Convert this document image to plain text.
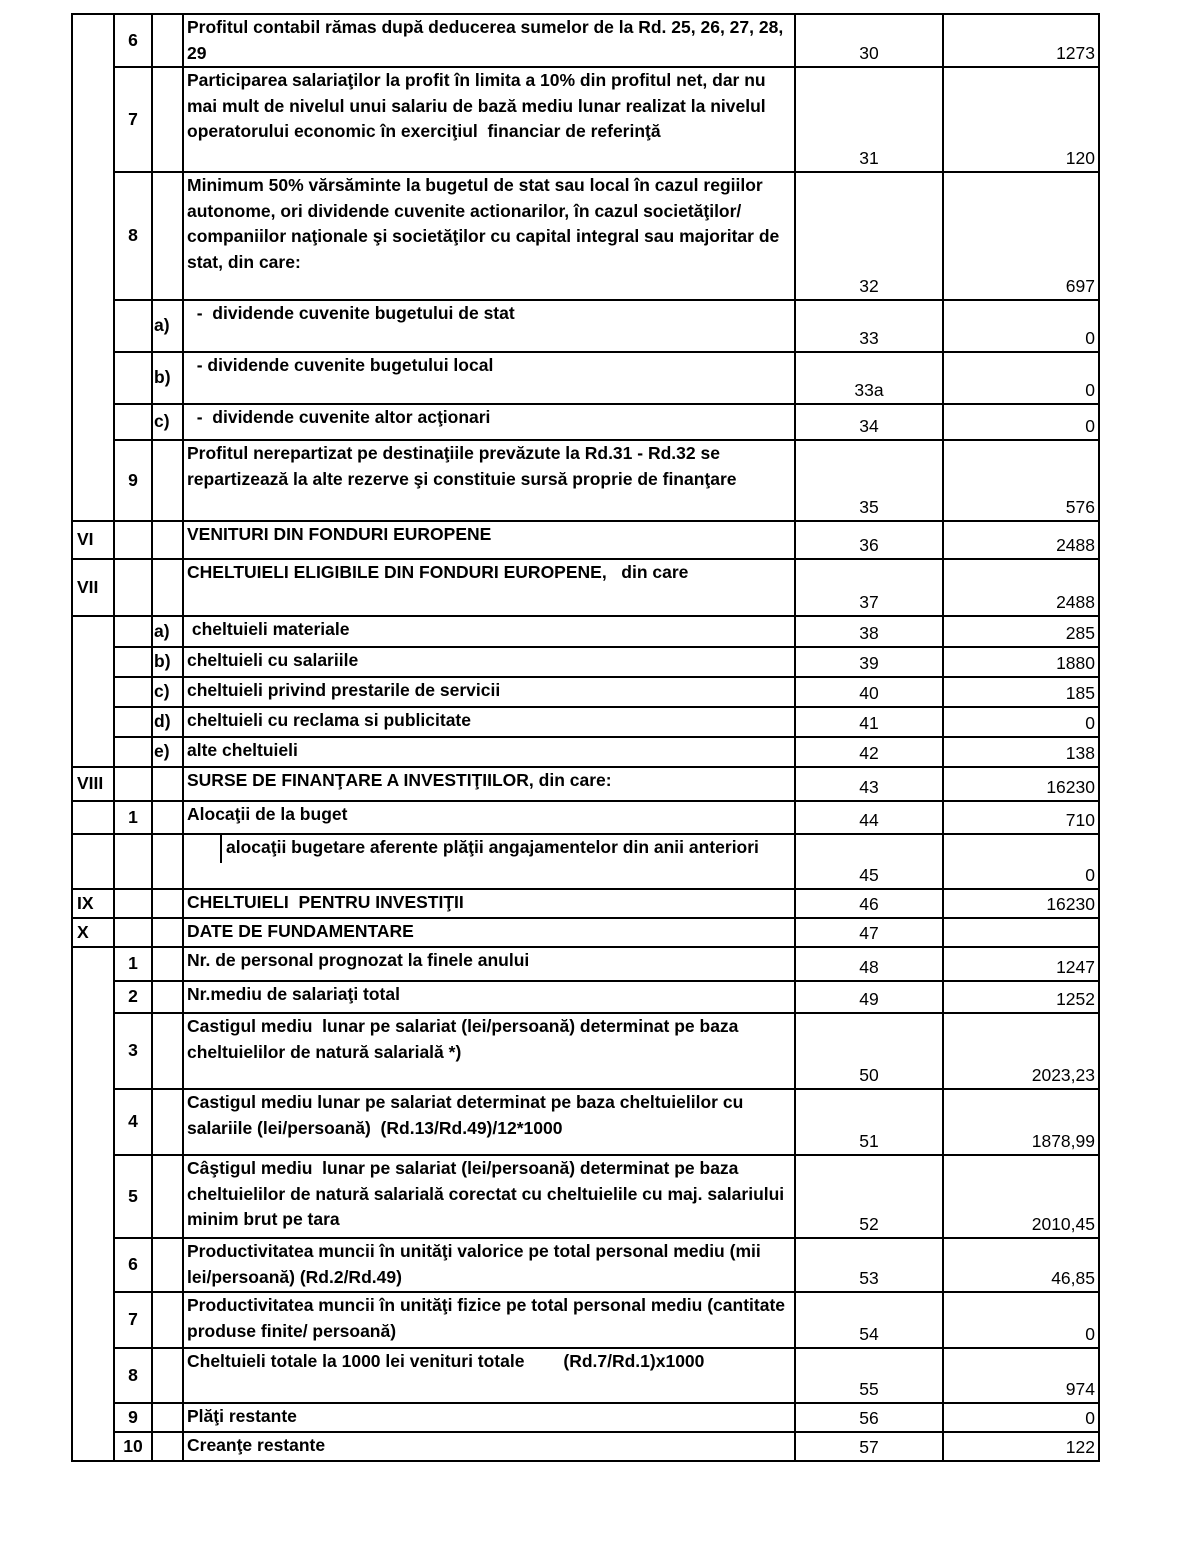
	6		Profitul contabil rămas după deducerea sumelor de la Rd. 25, 26, 27, 28, 29	30	1273
	7		Participarea salariaţilor la profit în limita a 10% din profitul net, dar nu mai mult de nivelul unui salariu de bază mediu lunar realizat la nivelul operatorului economic în exerciţiul  financiar de referinţă	31	120
	8		Minimum 50% vărsăminte la bugetul de stat sau local în cazul regiilor autonome, ori dividende cuvenite actionarilor, în cazul societăţilor/ companiilor naţionale şi societăţilor cu capital integral sau majoritar de stat, din care:	32	697
		a)	-  dividende cuvenite bugetului de stat	33	0
		b)	- dividende cuvenite bugetului local	33a	0
		c)	-  dividende cuvenite altor acţionari	34	0
	9		Profitul nerepartizat pe destinaţiile prevăzute la Rd.31 - Rd.32 se repartizează la alte rezerve şi constituie sursă proprie de finanţare	35	576
VI			VENITURI DIN FONDURI EUROPENE	36	2488
VII			CHELTUIELI ELIGIBILE DIN FONDURI EUROPENE,   din care	37	2488
		a)	cheltuieli materiale	38	285
		b)	cheltuieli cu salariile	39	1880
		c)	cheltuieli privind prestarile de servicii	40	185
		d)	cheltuieli cu reclama si publicitate	41	0
		e)	alte cheltuieli	42	138
VIII			SURSE DE FINANŢARE A INVESTIŢIILOR, din care:	43	16230
	1		Alocaţii de la buget	44	710

			alocaţii bugetare aferente plăţii angajamentelor din anii anteriori	45	0
IX			CHELTUIELI  PENTRU INVESTIŢII	46	16230
X			DATE DE FUNDAMENTARE	47	
	1		Nr. de personal prognozat la finele anului	48	1247
	2		Nr.mediu de salariaţi total	49	1252
	3		Castigul mediu  lunar pe salariat (lei/persoană) determinat pe baza cheltuielilor de natură salarială *)	50	2023,23
	4		Castigul mediu lunar pe salariat determinat pe baza cheltuielilor cu salariile (lei/persoană)  (Rd.13/Rd.49)/12*1000	51	1878,99
	5		Câştigul mediu  lunar pe salariat (lei/persoană) determinat pe baza cheltuielilor de natură salarială corectat cu cheltuielile cu maj. salariului minim brut pe tara	52	2010,45
	6		Productivitatea muncii în unităţi valorice pe total personal mediu (mii lei/persoană) (Rd.2/Rd.49)	53	46,85
	7		Productivitatea muncii în unităţi fizice pe total personal mediu (cantitate produse finite/ persoană)	54	0
	8		Cheltuieli totale la 1000 lei venituri totale        (Rd.7/Rd.1)x1000	55	974
	9		Plăţi restante	56	0
	10		Creanţe restante	57	122
